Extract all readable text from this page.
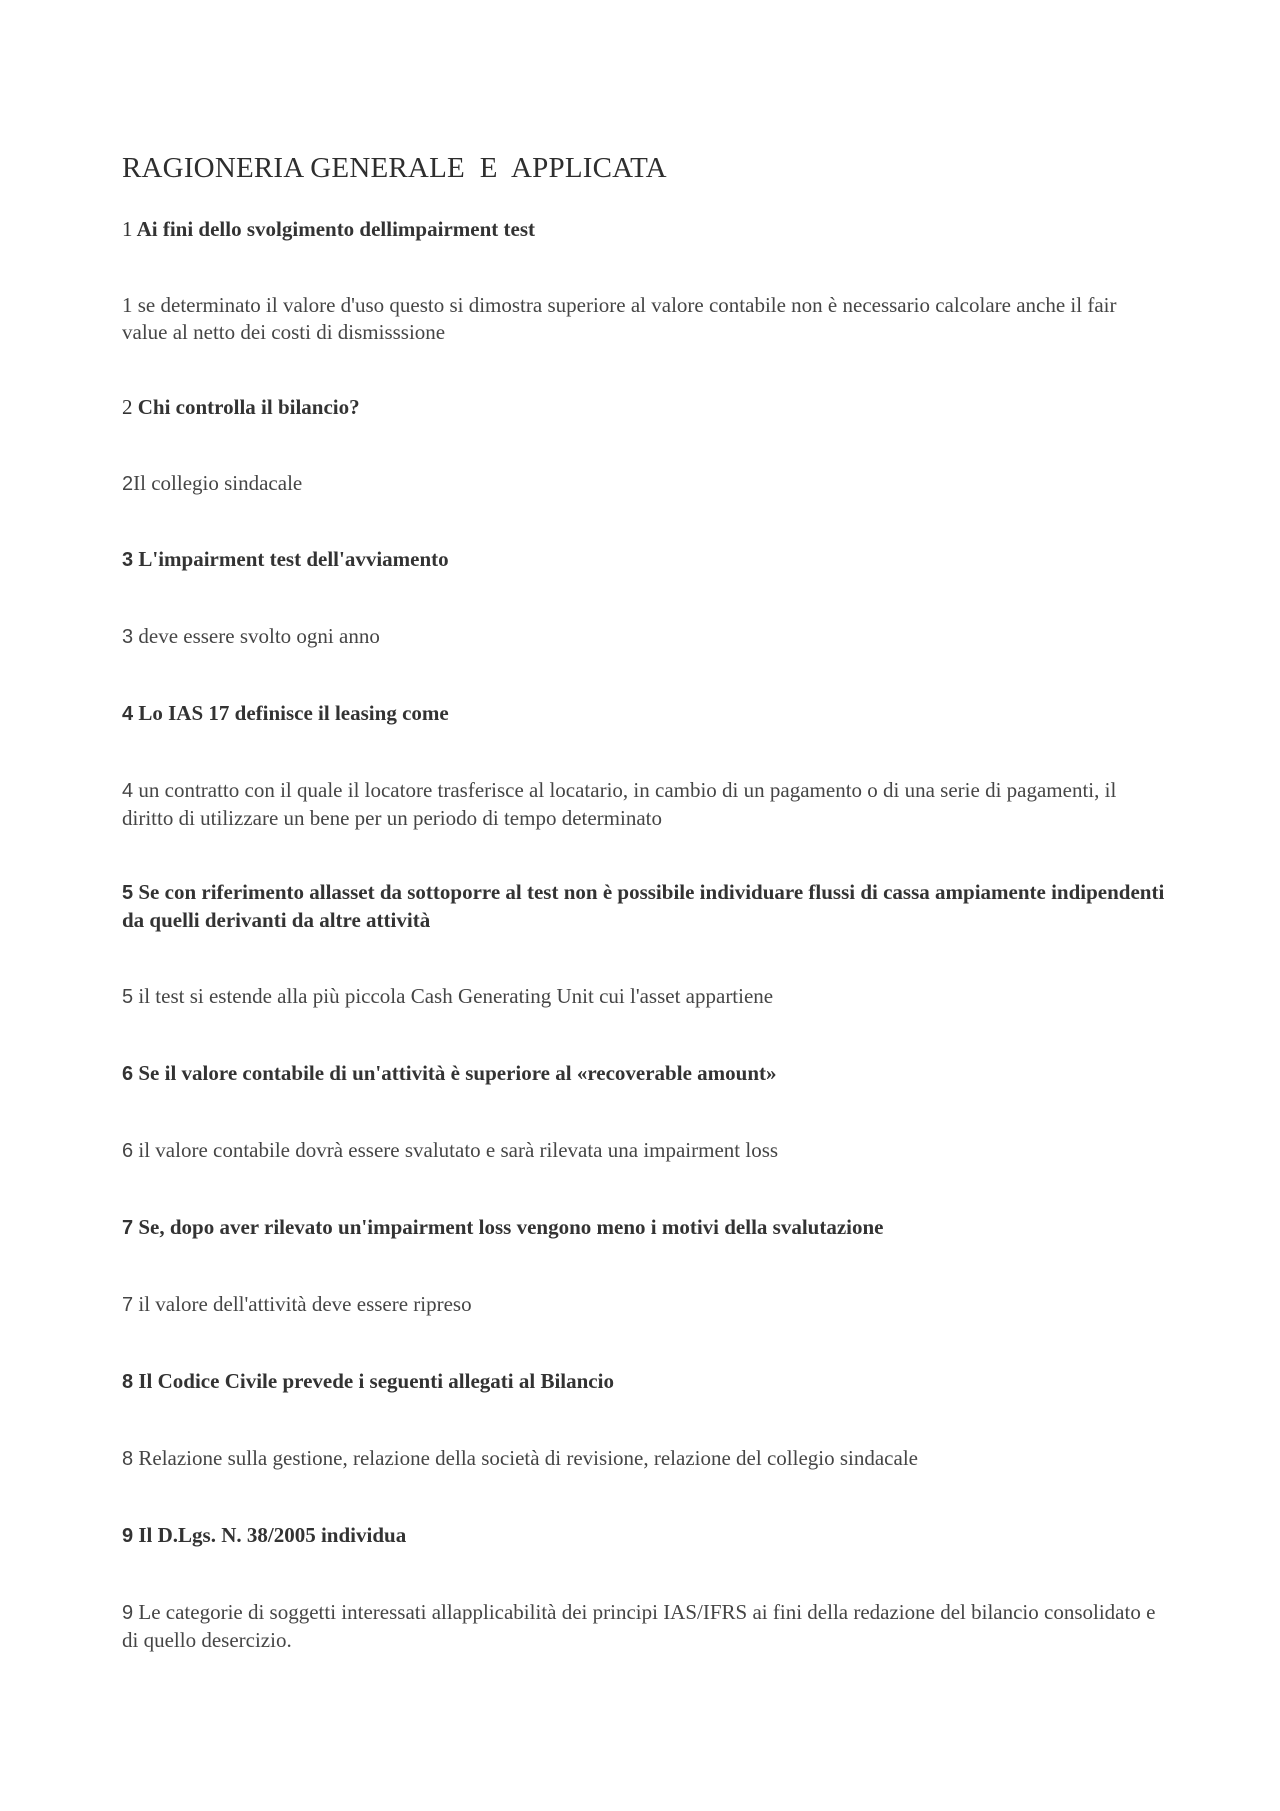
RAGIONERIA GENERALE  E  APPLICATA

1 Ai fini dello svolgimento dellimpairment test

1 se determinato il valore d'uso questo si dimostra superiore al valore contabile non è necessario calcolare anche il fair value al netto dei costi di dismisssione

2 Chi controlla il bilancio?

2Il collegio sindacale

3 L'impairment test dell'avviamento

3 deve essere svolto ogni anno

4 Lo IAS 17 definisce il leasing come

4 un contratto con il quale il locatore trasferisce al locatario, in cambio di un pagamento o di una serie di pagamenti, il diritto di utilizzare un bene per un periodo di tempo determinato

5 Se con riferimento allasset da sottoporre al test non è possibile individuare flussi di cassa ampiamente indipendenti da quelli derivanti da altre attività

5 il test si estende alla più piccola Cash Generating Unit cui l'asset appartiene

6 Se il valore contabile di un'attività è superiore al «recoverable amount»

6 il valore contabile dovrà essere svalutato e sarà rilevata una impairment loss

7 Se, dopo aver rilevato un'impairment loss vengono meno i motivi della svalutazione

7 il valore dell'attività deve essere ripreso

8 Il Codice Civile prevede i seguenti allegati al Bilancio

8 Relazione sulla gestione, relazione della società di revisione, relazione del collegio sindacale

9 Il D.Lgs. N. 38/2005 individua

9 Le categorie di soggetti interessati allapplicabilità dei principi IAS/IFRS ai fini della redazione del bilancio consolidato e di quello desercizio.
